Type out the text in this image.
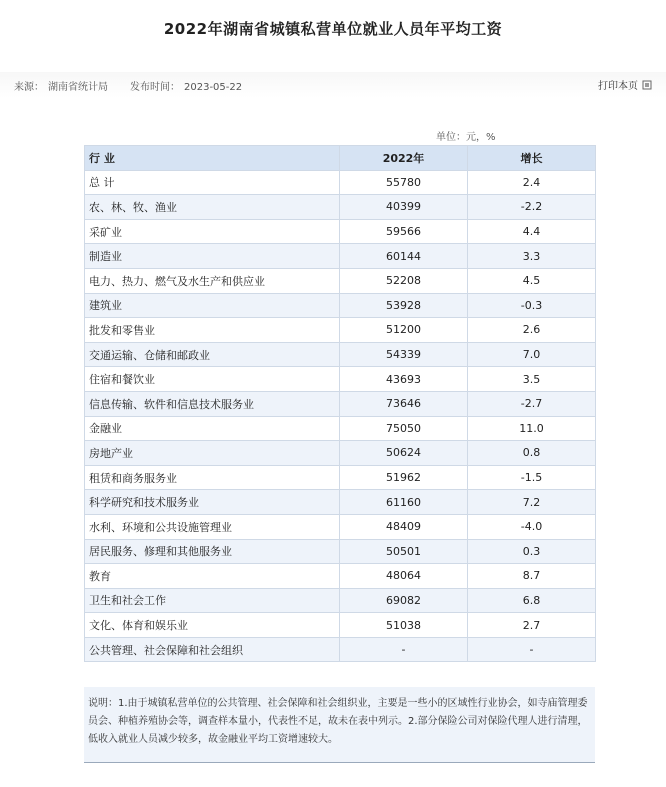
2022年湖南省城镇私营单位就业人员年平均工资
来源： 湖南省统计局 发布时间： 2023-05-22	打印本页
单位：元，%
行 业	2022年	增长
总 计	55780	2.4
农、林、牧、渔业	40399	-2.2
采矿业	59566	4.4
制造业	60144	3.3
电力、热力、燃气及水生产和供应业	52208	4.5
建筑业	53928	-0.3
批发和零售业	51200	2.6
交通运输、仓储和邮政业	54339	7.0
住宿和餐饮业	43693	3.5
信息传输、软件和信息技术服务业	73646	-2.7
金融业	75050	11.0
房地产业	50624	0.8
租赁和商务服务业	51962	-1.5
科学研究和技术服务业	61160	7.2
水利、环境和公共设施管理业	48409	-4.0
居民服务、修理和其他服务业	50501	0.3
教育	48064	8.7
卫生和社会工作	69082	6.8
文化、体育和娱乐业	51038	2.7
公共管理、社会保障和社会组织	-	-
说明：1.由于城镇私营单位的公共管理、社会保障和社会组织业，主要是一些小的区域性行业协会，如寺庙管理委员会、种植养殖协会等，调查样本量小，代表性不足，故未在表中列示。2.部分保险公司对保险代理人进行清理，低收入就业人员减少较多，故金融业平均工资增速较大。
